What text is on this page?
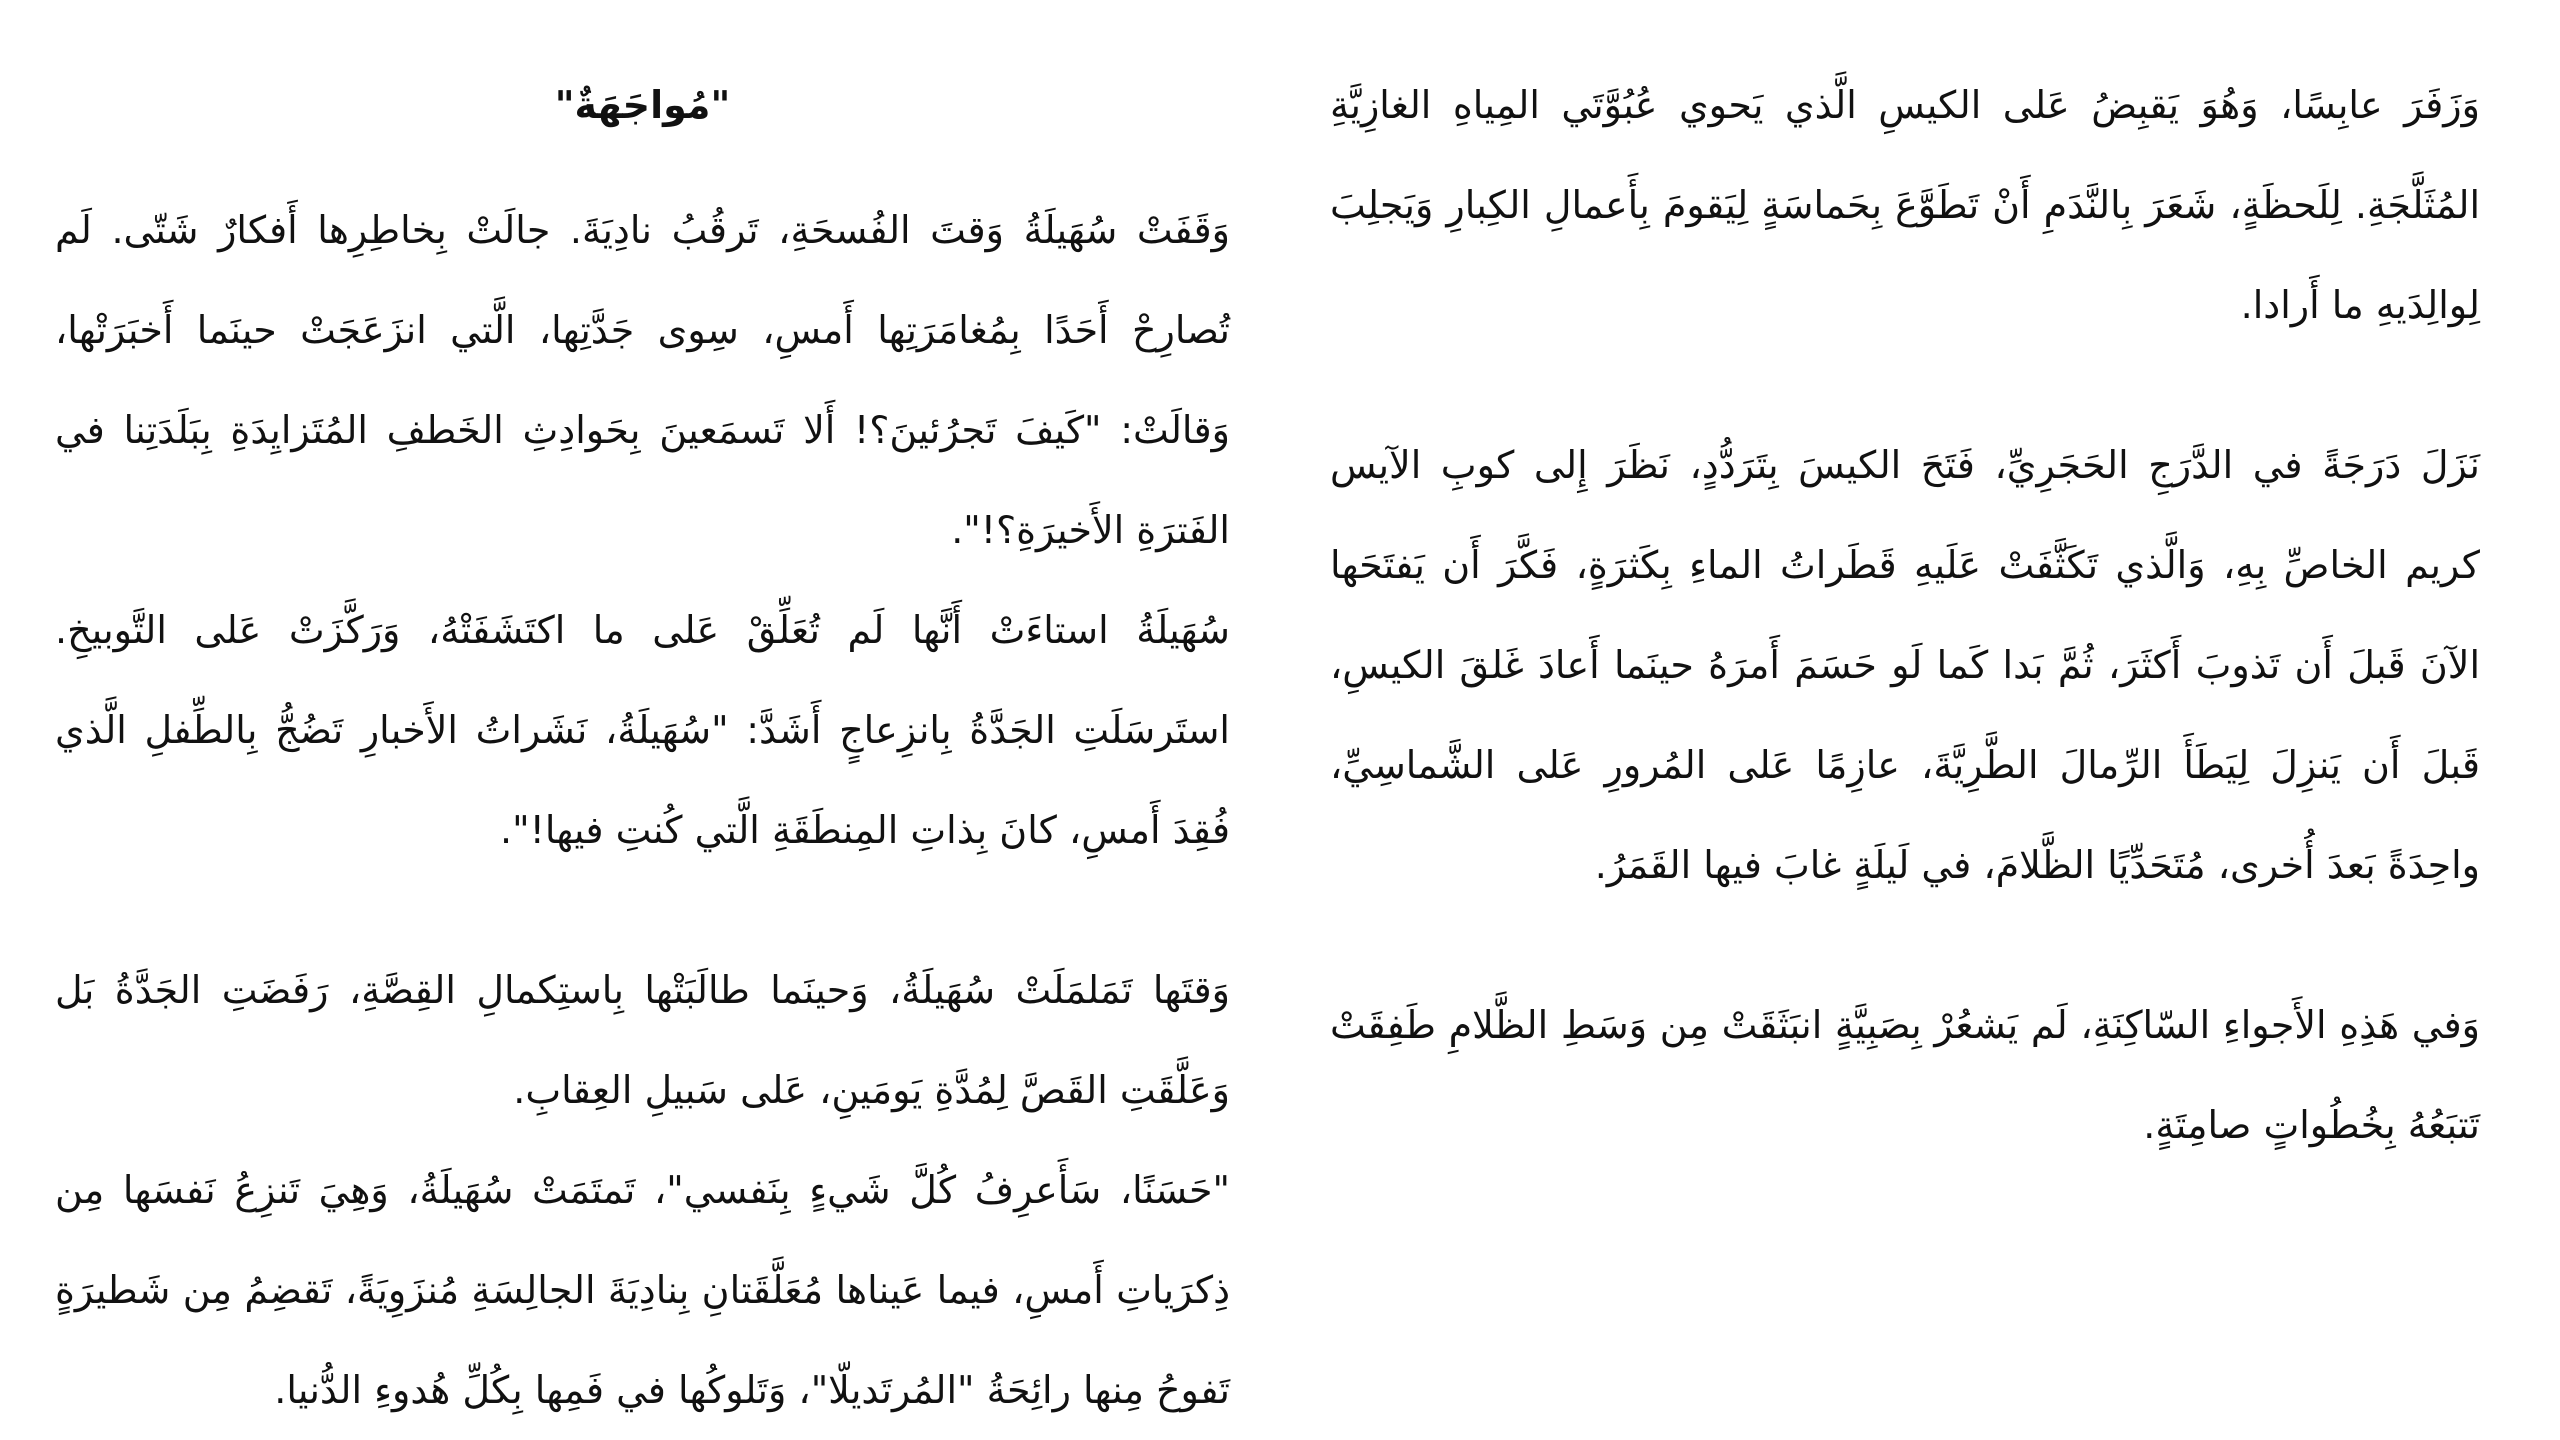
وَزَفَرَ عابِسًا، وَهُوَ يَقبِضُ عَلى الكيسِ الَّذي يَحوي عُبُوَّتَي المِياهِ الغازِيَّةِ المُثَلَّجَةِ. لِلَحظَةٍ، شَعَرَ بِالنَّدَمِ أَنْ تَطَوَّعَ بِحَماسَةٍ لِيَقومَ بِأَعمالِ الكِبارِ وَيَجلِبَ لِوالِدَيهِ ما أَرادا.

نَزَلَ دَرَجَةً في الدَّرَجِ الحَجَرِيِّ، فَتَحَ الكيسَ بِتَرَدُّدٍ، نَظَرَ إِلى كوبِ الآيس كريم الخاصِّ بِهِ، وَالَّذي تَكَثَّفَتْ عَلَيهِ قَطَراتُ الماءِ بِكَثرَةٍ، فَكَّرَ أَن يَفتَحَها الآنَ قَبلَ أَن تَذوبَ أَكثَرَ، ثُمَّ بَدا كَما لَو حَسَمَ أَمرَهُ حينَما أَعادَ غَلقَ الكيسِ، قَبلَ أَن يَنزِلَ لِيَطَأَ الرِّمالَ الطَّرِيَّةَ، عازِمًا عَلى المُرورِ عَلى الشَّماسِيِّ، واحِدَةً بَعدَ أُخرى، مُتَحَدِّيًا الظَّلامَ، في لَيلَةٍ غابَ فيها القَمَرُ.

وَفي هَذِهِ الأَجواءِ السّاكِنَةِ، لَم يَشعُرْ بِصَبِيَّةٍ انبَثَقَتْ مِن وَسَطِ الظَّلامِ طَفِقَتْ تَتبَعُهُ بِخُطُواتٍ صامِتَةٍ.

"مُواجَهَةٌ"

وَقَفَتْ سُهَيلَةُ وَقتَ الفُسحَةِ، تَرقُبُ نادِيَةَ. جالَتْ بِخاطِرِها أَفكارٌ شَتّى. لَم تُصارِحْ أَحَدًا بِمُغامَرَتِها أَمسِ، سِوى جَدَّتِها، الَّتي انزَعَجَتْ حينَما أَخبَرَتْها، وَقالَتْ: "كَيفَ تَجرُئينَ؟! أَلا تَسمَعينَ بِحَوادِثِ الخَطفِ المُتَزايِدَةِ بِبَلَدَتِنا في الفَترَةِ الأَخيرَةِ؟!".

سُهَيلَةُ استاءَتْ أَنَّها لَم تُعَلِّقْ عَلى ما اكتَشَفَتْهُ، وَرَكَّزَتْ عَلى التَّوبيخِ. استَرسَلَتِ الجَدَّةُ بِانزِعاجٍ أَشَدَّ: "سُهَيلَةُ، نَشَراتُ الأَخبارِ تَضُجُّ بِالطِّفلِ الَّذي فُقِدَ أَمسِ، كانَ بِذاتِ المِنطَقَةِ الَّتي كُنتِ فيها!".

وَقتَها تَمَلمَلَتْ سُهَيلَةُ، وَحينَما طالَبَتْها بِاستِكمالِ القِصَّةِ، رَفَضَتِ الجَدَّةُ بَل وَعَلَّقَتِ القَصَّ لِمُدَّةِ يَومَينِ، عَلى سَبيلِ العِقابِ.

"حَسَنًا، سَأَعرِفُ كُلَّ شَيءٍ بِنَفسي"، تَمتَمَتْ سُهَيلَةُ، وَهِيَ تَنزِعُ نَفسَها مِن ذِكرَياتِ أَمسِ، فيما عَيناها مُعَلَّقَتانِ بِنادِيَةَ الجالِسَةِ مُنزَوِيَةً، تَقضِمُ مِن شَطيرَةٍ تَفوحُ مِنها رائِحَةُ "المُرتَديلّا"، وَتَلوكُها في فَمِها بِكُلِّ هُدوءِ الدُّنيا.
